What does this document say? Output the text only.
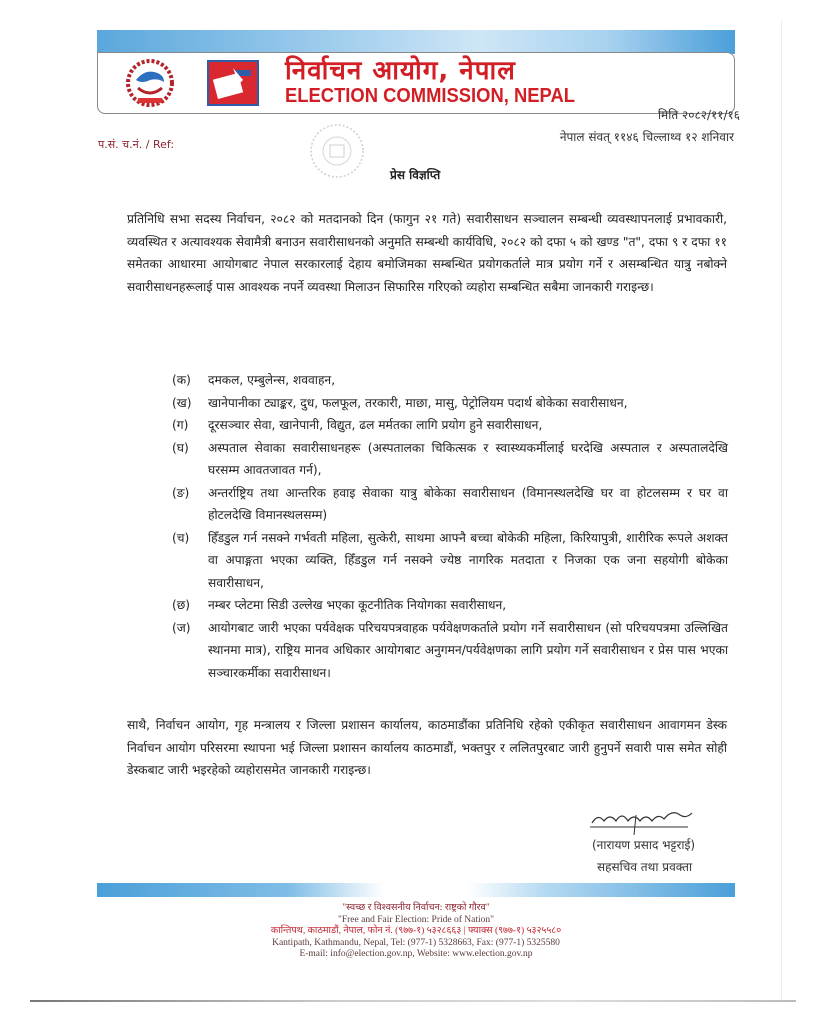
निर्वाचन आयोग, नेपाल
ELECTION COMMISSION, NEPAL
मिति २०८२/११/१६
नेपाल संवत् ११४६ चिल्लाथ्व १२ शनिवार
प.सं. च.नं. / Ref:
प्रेस विज्ञप्ति
प्रतिनिधि सभा सदस्य निर्वाचन, २०८२ को मतदानको दिन (फागुन २१ गते) सवारीसाधन सञ्चालन सम्बन्धी व्यवस्थापनलाई प्रभावकारी, व्यवस्थित र अत्यावश्यक सेवामैत्री बनाउन सवारीसाधनको अनुमति सम्बन्धी कार्यविधि, २०८२ को दफा ५ को खण्ड "त", दफा ९ र दफा ११ समेतका आधारमा आयोगबाट नेपाल सरकारलाई देहाय बमोजिमका सम्बन्धित प्रयोगकर्ताले मात्र प्रयोग गर्ने र असम्बन्धित यात्रु नबोक्ने सवारीसाधनहरूलाई पास आवश्यक नपर्ने व्यवस्था मिलाउन सिफारिस गरिएको व्यहोरा सम्बन्धित सबैमा जानकारी गराइन्छ।
(क) दमकल, एम्बुलेन्स, शववाहन,
(ख) खानेपानीका ट्याङ्कर, दुध, फलफूल, तरकारी, माछा, मासु, पेट्रोलियम पदार्थ बोकेका सवारीसाधन,
(ग) दूरसञ्चार सेवा, खानेपानी, विद्युत, ढल मर्मतका लागि प्रयोग हुने सवारीसाधन,
(घ) अस्पताल सेवाका सवारीसाधनहरू (अस्पतालका चिकित्सक र स्वास्थ्यकर्मीलाई घरदेखि अस्पताल र अस्पतालदेखि घरसम्म आवतजावत गर्न),
(ङ) अन्तर्राष्ट्रिय तथा आन्तरिक हवाइ सेवाका यात्रु बोकेका सवारीसाधन (विमानस्थलदेखि घर वा होटलसम्म र घर वा होटलदेखि विमानस्थलसम्म)
(च) हिँडडुल गर्न नसक्ने गर्भवती महिला, सुत्केरी, साथमा आफ्नै बच्चा बोकेकी महिला, किरियापुत्री, शारीरिक रूपले अशक्त वा अपाङ्गता भएका व्यक्ति, हिँडडुल गर्न नसक्ने ज्येष्ठ नागरिक मतदाता र निजका एक जना सहयोगी बोकेका सवारीसाधन,
(छ) नम्बर प्लेटमा सिडी उल्लेख भएका कूटनीतिक नियोगका सवारीसाधन,
(ज) आयोगबाट जारी भएका पर्यवेक्षक परिचयपत्रवाहक पर्यवेक्षणकर्ताले प्रयोग गर्ने सवारीसाधन (सो परिचयपत्रमा उल्लिखित स्थानमा मात्र), राष्ट्रिय मानव अधिकार आयोगबाट अनुगमन/पर्यवेक्षणका लागि प्रयोग गर्ने सवारीसाधन र प्रेस पास भएका सञ्चारकर्मीका सवारीसाधन।
साथै, निर्वाचन आयोग, गृह मन्त्रालय र जिल्ला प्रशासन कार्यालय, काठमाडौंका प्रतिनिधि रहेको एकीकृत सवारीसाधन आवागमन डेस्क निर्वाचन आयोग परिसरमा स्थापना भई जिल्ला प्रशासन कार्यालय काठमाडौं, भक्तपुर र ललितपुरबाट जारी हुनुपर्ने सवारी पास समेत सोही डेस्कबाट जारी भइरहेको व्यहोरासमेत जानकारी गराइन्छ।
(नारायण प्रसाद भट्टराई)
सहसचिव तथा प्रवक्ता
"स्वच्छ र विश्वसनीय निर्वाचन: राष्ट्रको गौरव"
"Free and Fair Election: Pride of Nation"
कान्तिपथ, काठमाडौं, नेपाल, फोन नं. (९७७-१) ५३२८६६३ | फ्याक्स (९७७-१) ५३२५५८०
Kantipath, Kathmandu, Nepal, Tel: (977-1) 5328663, Fax: (977-1) 5325580
E-mail: info@election.gov.np, Website: www.election.gov.np
